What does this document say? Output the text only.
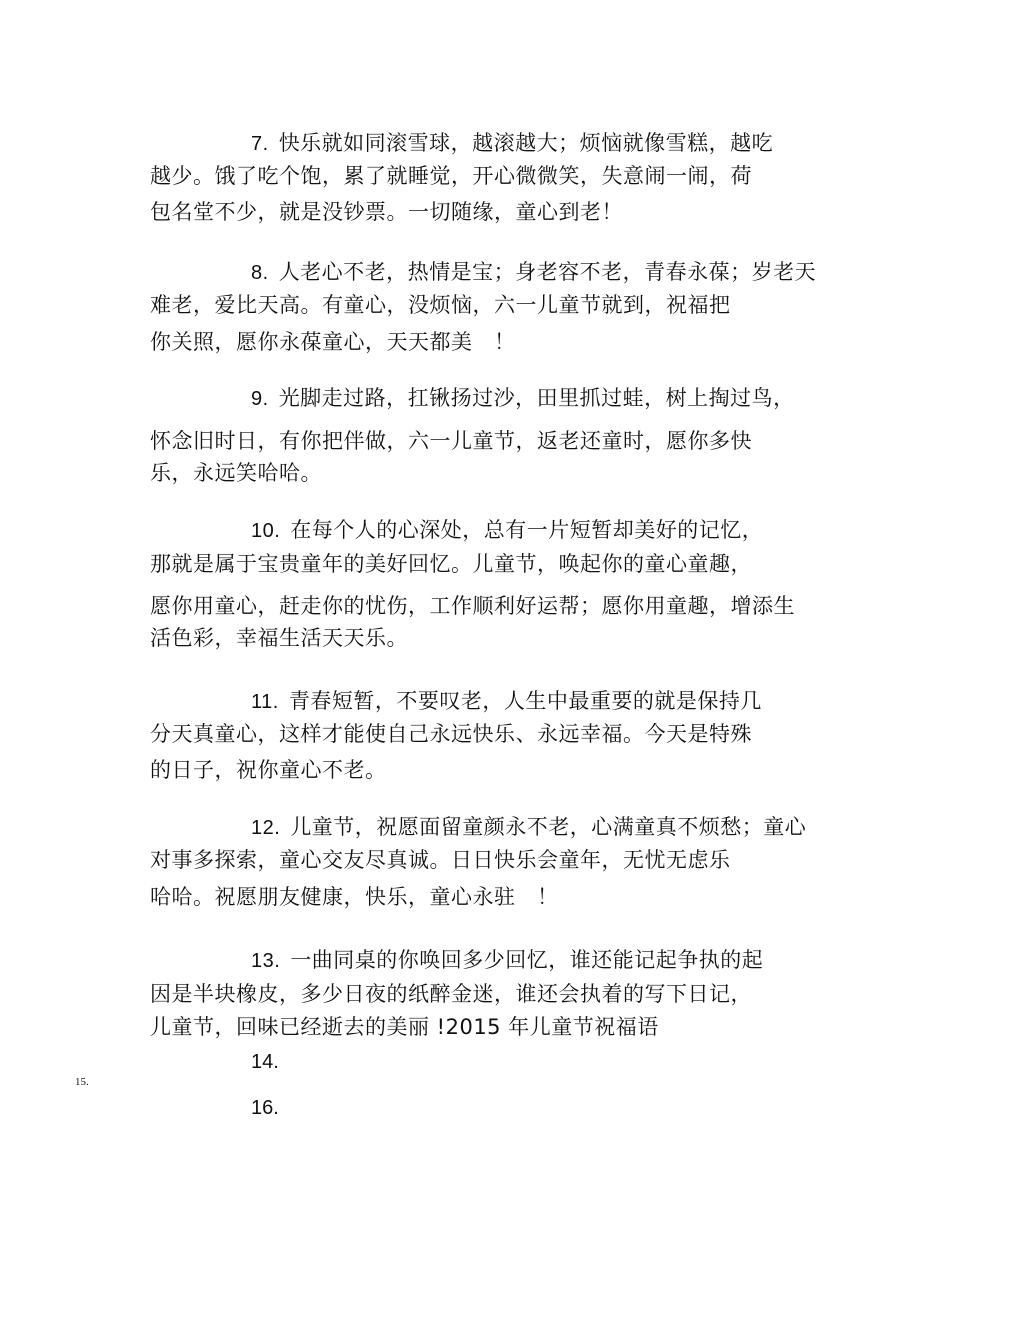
7. 快乐就如同滚雪球，越滚越大；烦恼就像雪糕，越吃
越少。饿了吃个饱，累了就睡觉，开心微微笑，失意闹一闹，荷
包名堂不少，就是没钞票。一切随缘，童心到老！
8. 人老心不老，热情是宝；身老容不老，青春永葆；岁老天
难老，爱比天高。有童心，没烦恼，六一儿童节就到，祝福把
你关照，愿你永葆童心，天天都美　！
9. 光脚走过路，扛锹扬过沙，田里抓过蛙，树上掏过鸟，
怀念旧时日，有你把伴做，六一儿童节，返老还童时，愿你多快
乐，永远笑哈哈。
10. 在每个人的心深处，总有一片短暂却美好的记忆，
那就是属于宝贵童年的美好回忆。儿童节，唤起你的童心童趣，
愿你用童心，赶走你的忧伤，工作顺利好运帮；愿你用童趣，增添生
活色彩，幸福生活天天乐。
11. 青春短暂，不要叹老，人生中最重要的就是保持几
分天真童心，这样才能使自己永远快乐、永远幸福。今天是特殊
的日子，祝你童心不老。
12. 儿童节，祝愿面留童颜永不老，心满童真不烦愁；童心
对事多探索，童心交友尽真诚。日日快乐会童年，无忧无虑乐
哈哈。祝愿朋友健康，快乐，童心永驻　！
13. 一曲同桌的你唤回多少回忆，谁还能记起争执的起
因是半块橡皮，多少日夜的纸醉金迷，谁还会执着的写下日记，
儿童节，回味已经逝去的美丽 !2015 年儿童节祝福语
14.
15.
16.
